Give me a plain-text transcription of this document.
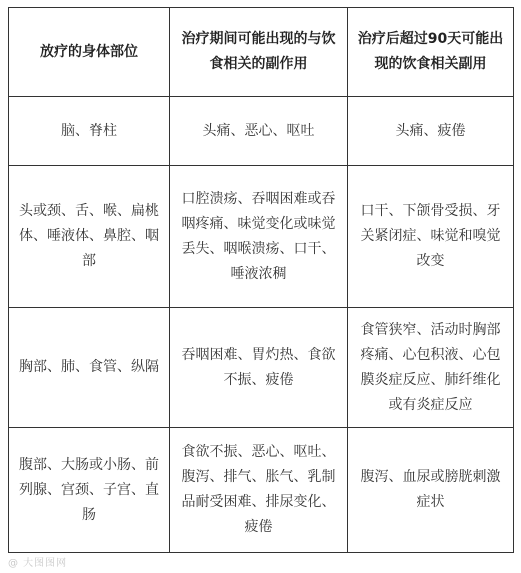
放疗的身体部位	治疗期间可能出现的与饮食相关的副作用	治疗后超过90天可能出现的饮食相关副用
脑、脊柱	头痛、恶心、呕吐	头痛、疲倦
头或颈、舌、喉、扁桃体、唾液体、鼻腔、咽部	口腔溃疡、吞咽困难或吞咽疼痛、味觉变化或味觉丢失、咽喉溃疡、口干、唾液浓稠	口干、下颌骨受损、牙关紧闭症、味觉和嗅觉改变
胸部、肺、食管、纵隔	吞咽困难、胃灼热、食欲不振、疲倦	食管狭窄、活动时胸部疼痛、心包积液、心包膜炎症反应、肺纤维化或有炎症反应
腹部、大肠或小肠、前列腺、宫颈、子宫、直肠	食欲不振、恶心、呕吐、腹泻、排气、胀气、乳制品耐受困难、排尿变化、疲倦	腹泻、血尿或膀胱刺激症状
@ 大图图网
